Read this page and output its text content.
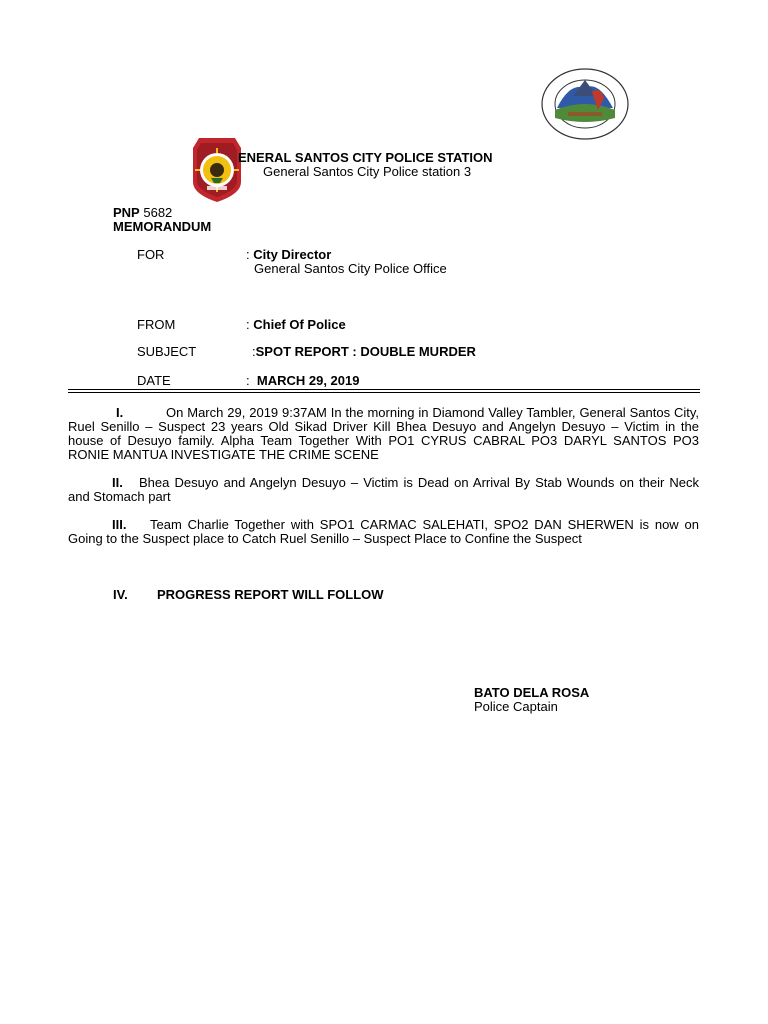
ENERAL SANTOS CITY POLICE STATION
General Santos City Police station 3
PNP 5682
MEMORANDUM
FOR	: City Director
General Santos City Police Office
FROM	: Chief Of Police
SUBJECT	:SPOT REPORT : DOUBLE MURDER
DATE	: MARCH 29, 2019
I.	On March 29, 2019 9:37AM In the morning in Diamond Valley Tambler, General Santos City, Ruel Senillo – Suspect 23 years Old Sikad Driver Kill Bhea Desuyo and Angelyn Desuyo – Victim in the house of Desuyo family. Alpha Team Together With PO1 CYRUS CABRAL PO3 DARYL SANTOS PO3 RONIE MANTUA INVESTIGATE THE CRIME SCENE
II. Bhea Desuyo and Angelyn Desuyo – Victim is Dead on Arrival By Stab Wounds on their Neck and Stomach part
III. Team Charlie Together with SPO1 CARMAC SALEHATI, SPO2 DAN SHERWEN is now on Going to the Suspect place to Catch Ruel Senillo – Suspect Place to Confine the Suspect
IV. PROGRESS REPORT WILL FOLLOW
BATO DELA ROSA
Police Captain
